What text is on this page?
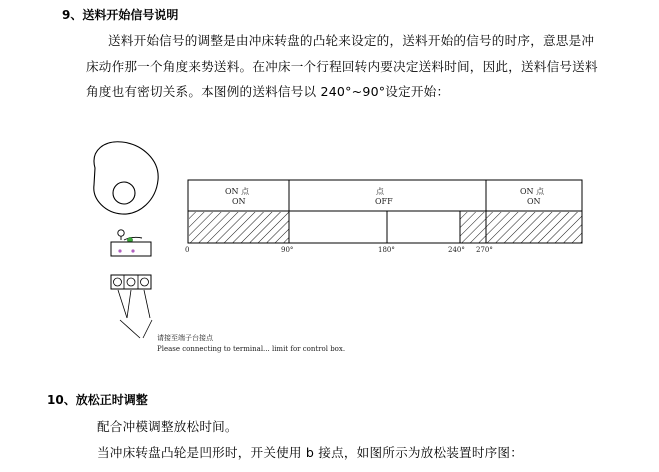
9、送料开始信号说明
送料开始信号的调整是由冲床转盘的凸轮来设定的，送料开始的信号的时序，意思是冲
床动作那一个角度来势送料。在冲床一个行程回转内要决定送料时间，因此，送料信号送料
角度也有密切关系。本图例的送料信号以 240°~90°设定开始：
ON 点
ON
点
OFF
ON 点
ON
0	90°	180°	240° 270°
请接至端子台接点
Please connecting to terminal... limit for control box.
10、放松正时调整
配合冲模调整放松时间。
当冲床转盘凸轮是凹形时，开关使用 b 接点，如图所示为放松装置时序图：
